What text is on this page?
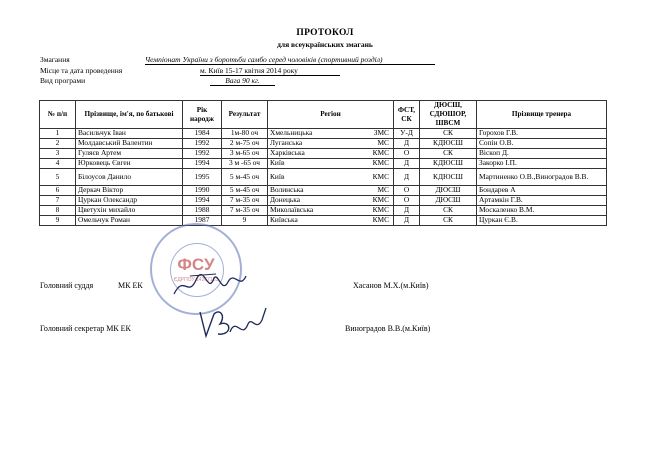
ПРОТОКОЛ
для всеукраїнських змагань
Змагання	Чемпіонат України з боротьби самбо серед чоловіків (спортивний розділ)
Місце та дата проведення	м. Київ 15-17 квітня 2014 року
Вид програми	Вага 90 кг.
№ п/п	Прізвище, ім'я, по батькові	Рік народж	Результат	Регіон	ФСТ, СК	ДЮСШ, СДЮШОР, ШВСМ	Прізвище тренера
1	Васильчук Іван	1984	1м-80 оч	Хмельницька ЗМС	У-Д	СК	Горохов Г.В.
2	Молдавський Валентин	1992	2 м-75 оч	Луганська МС	Д	КДЮСШ	Сопін О.В.
3	Гуляєв Артем	1992	3 м-65 оч	Харківська КМС	О	СК	Віскоп Д.
4	Юрковець Євген	1994	3 м -65 оч	Київ КМС	Д	КДЮСШ	Закорко І.П.
5	Білоусов Данило	1995	5 м-45 оч	Київ КМС	Д	КДЮСШ	Мартиненко О.В.,Виноградов В.В.
6	Деркач Віктор	1990	5 м-45 оч	Волинська МС	О	ДЮСШ	Бондарев А
7	Цуркан Олександр	1994	7 м-35 оч	Донецька КМС	О	ДЮСШ	Артамкін Г.В.
8	Цветухін михайло	1988	7 м-35 оч	Миколаївська КМС	Д	СК	Москаленко В.М.
9	Омельчук Роман	1987	9	Київська КМС	Д	СК	Цуркан Є.В.
Головний суддя	МК ЕК	Хасанов М.Х.(м.Київ)
Головний секретар МК ЕК	Виноградов В.В.(м.Київ)
ФСУ
ЄДРПОУ 14267163
